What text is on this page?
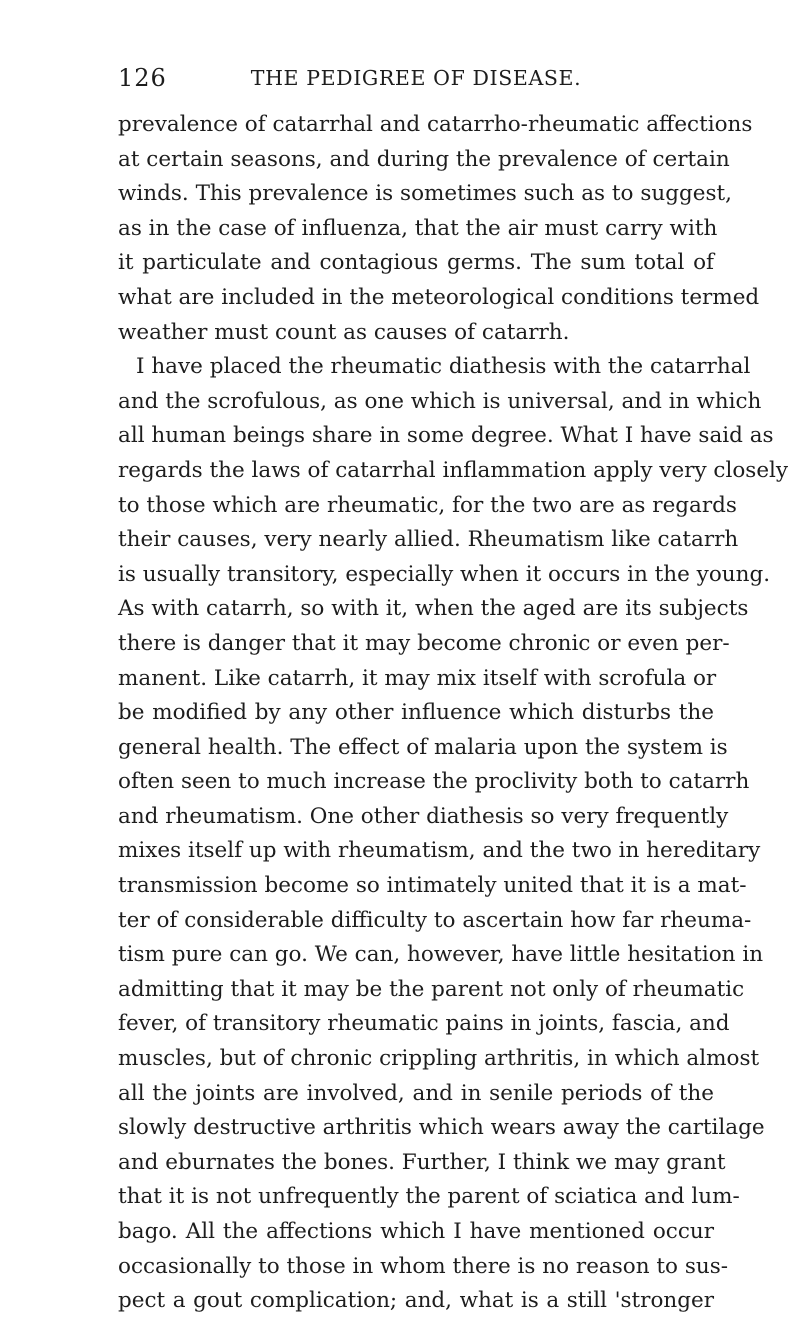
126	THE PEDIGREE OF DISEASE.
prevalence of catarrhal and catarrho-rheumatic affections
at certain seasons, and during the prevalence of certain
winds. This prevalence is sometimes such as to suggest,
as in the case of influenza, that the air must carry with
it particulate and contagious germs. The sum total of
what are included in the meteorological conditions termed
weather must count as causes of catarrh.
I have placed the rheumatic diathesis with the catarrhal
and the scrofulous, as one which is universal, and in which
all human beings share in some degree. What I have said as
regards the laws of catarrhal inflammation apply very closely
to those which are rheumatic, for the two are as regards
their causes, very nearly allied. Rheumatism like catarrh
is usually transitory, especially when it occurs in the young.
As with catarrh, so with it, when the aged are its subjects
there is danger that it may become chronic or even per-
manent. Like catarrh, it may mix itself with scrofula or
be modified by any other influence which disturbs the
general health. The effect of malaria upon the system is
often seen to much increase the proclivity both to catarrh
and rheumatism. One other diathesis so very frequently
mixes itself up with rheumatism, and the two in hereditary
transmission become so intimately united that it is a mat-
ter of considerable difficulty to ascertain how far rheuma-
tism pure can go. We can, however, have little hesitation in
admitting that it may be the parent not only of rheumatic
fever, of transitory rheumatic pains in joints, fascia, and
muscles, but of chronic crippling arthritis, in which almost
all the joints are involved, and in senile periods of the
slowly destructive arthritis which wears away the cartilage
and eburnates the bones. Further, I think we may grant
that it is not unfrequently the parent of sciatica and lum-
bago. All the affections which I have mentioned occur
occasionally to those in whom there is no reason to sus-
pect a gout complication; and, what is a still 'stronger
